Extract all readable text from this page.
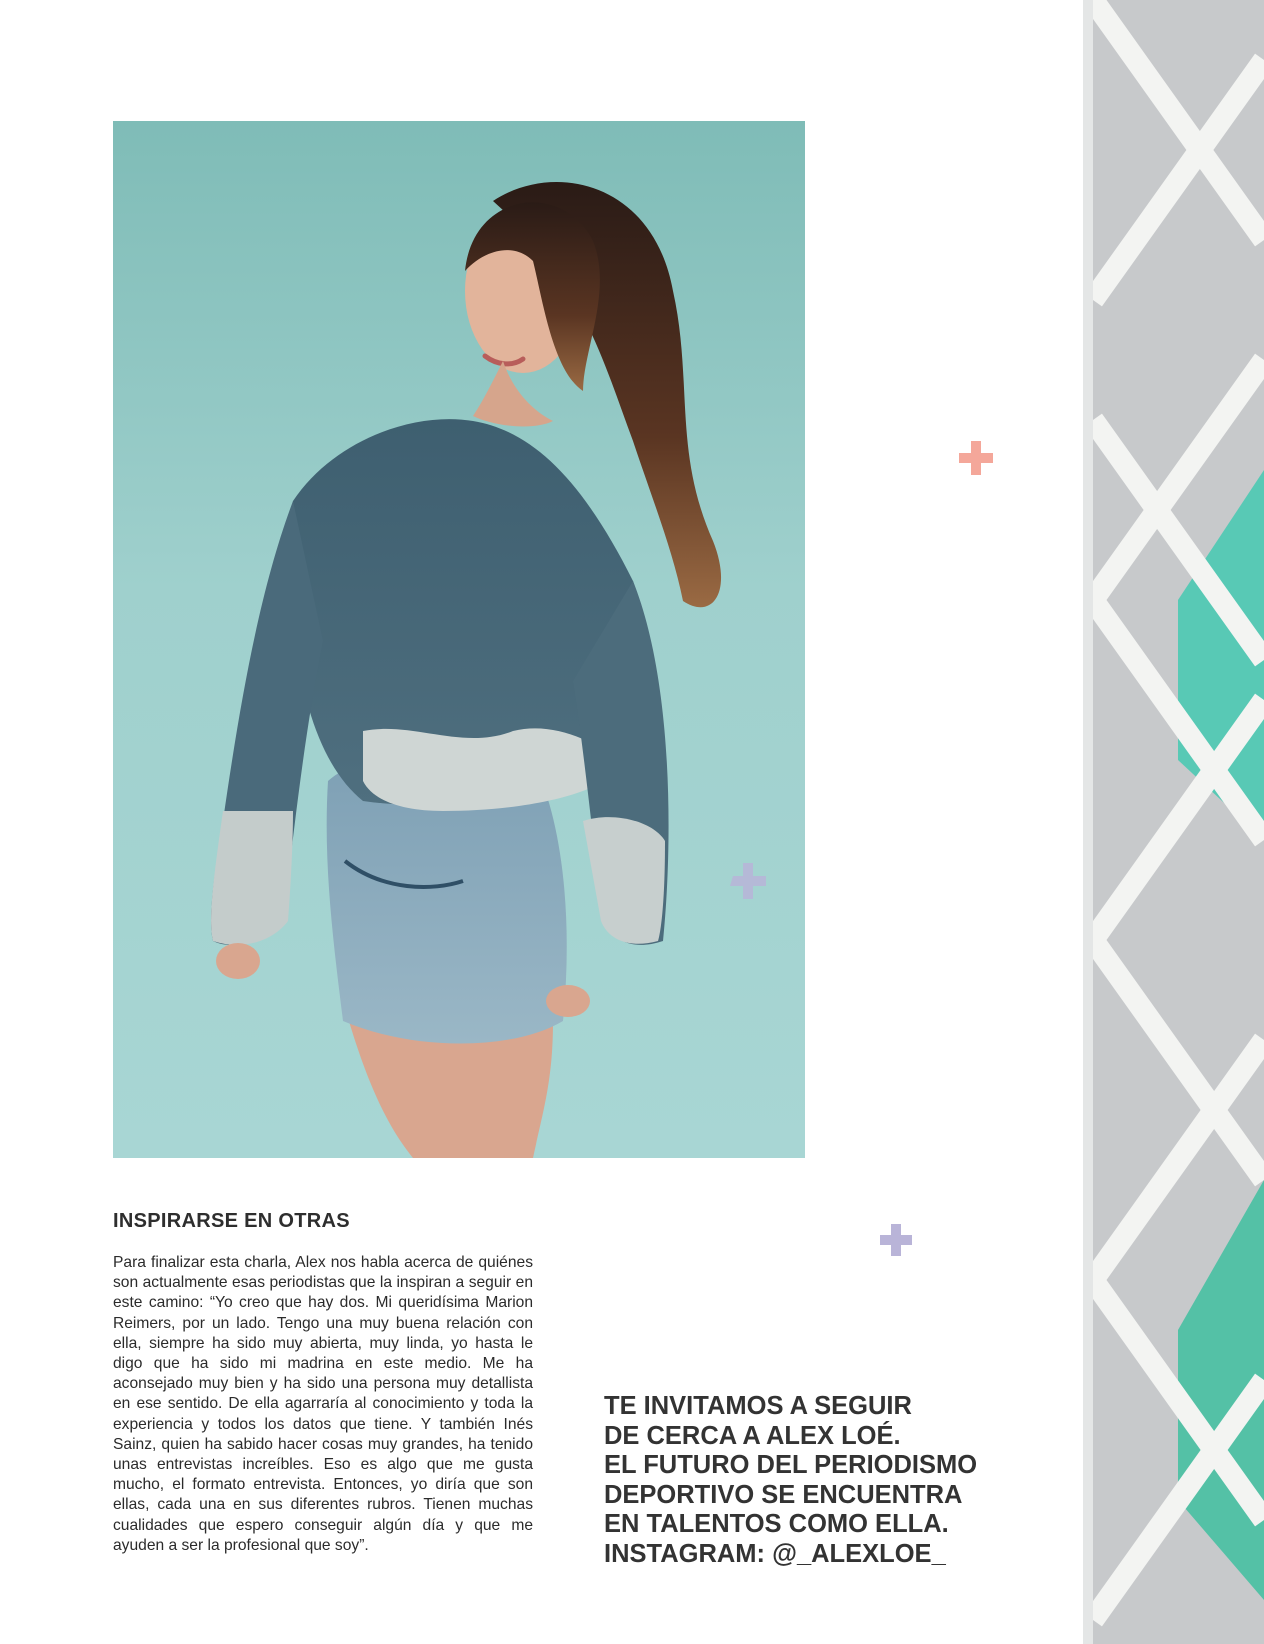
INSPIRARSE EN OTRAS

Para finalizar esta charla, Alex nos habla acerca de quiénes son actualmente esas periodistas que la inspiran a seguir en este camino: “Yo creo que hay dos. Mi queridísima Marion Reimers, por un lado. Tengo una muy buena relación con ella, siempre ha sido muy abierta, muy linda, yo hasta le digo que ha sido mi madrina en este medio. Me ha aconsejado muy bien y ha sido una persona muy detallista en ese sentido. De ella agarraría al conocimiento y toda la experiencia y todos los datos que tiene. Y también Inés Sainz, quien ha sabido hacer cosas muy grandes, ha tenido unas entrevistas increíbles. Eso es algo que me gusta mucho, el formato entrevista. Entonces, yo diría que son ellas, cada una en sus diferentes rubros. Tienen muchas cualidades que espero conseguir algún día y que me ayuden a ser la profesional que soy”.

TE INVITAMOS A SEGUIR
DE CERCA A ALEX LOÉ.
EL FUTURO DEL PERIODISMO
DEPORTIVO SE ENCUENTRA
EN TALENTOS COMO ELLA.
INSTAGRAM: @_ALEXLOE_
